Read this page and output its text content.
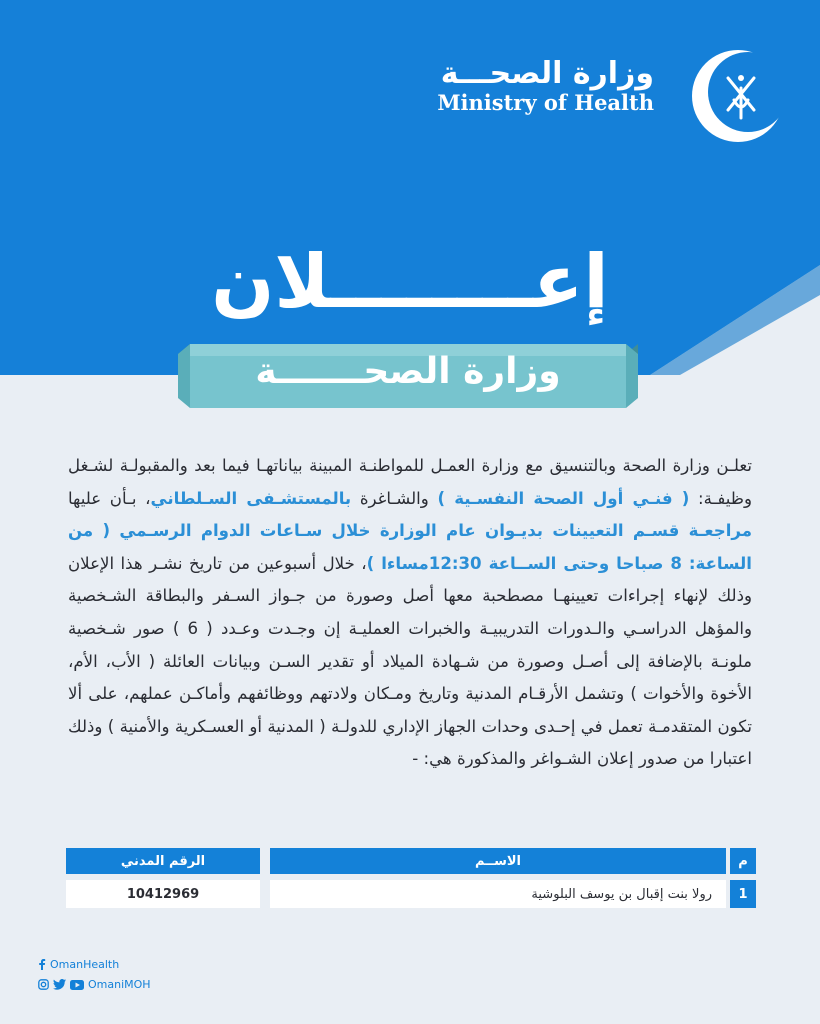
وزارة الصحـــة
Ministry of Health
إعــــــــلان
وزارة الصحـــــــة
تعلـن وزارة الصحة وبالتنسيق مع وزارة العمـل للمواطنـة المبينة بياناتهـا فيما بعد والمقبولـة لشـغل وظيفـة: ( فنـي أول الصحة النفسـية ) والشـاغرة بالمستشـفى السـلطاني، بـأن عليها مراجعـة قسـم التعيينات بديـوان عام الوزارة خلال سـاعات الدوام الرسـمي ( من الساعة: 8 صباحا وحتى الســاعة 12:30مساءا )، خلال أسبوعين من تاريخ نشـر هذا الإعلان وذلك لإنهاء إجراءات تعيينهـا مصطحبة معها أصل وصورة من جـواز السـفر والبطاقة الشـخصية والمؤهل الدراسـي والـدورات التدريبيـة والخبرات العمليـة إن وجـدت وعـدد ( 6 ) صور شـخصية ملونـة بالإضافة إلى أصـل وصورة من شـهادة الميلاد أو تقدير السـن وبيانات العائلة ( الأب، الأم، الأخوة والأخوات ) وتشمل الأرقـام المدنية وتاريخ ومـكان ولادتهم ووظائفهم وأماكـن عملهم، على ألا تكون المتقدمـة تعمل في إحـدى وحدات الجهاز الإداري للدولـة ( المدنية أو العسـكرية والأمنية ) وذلك اعتبارا من صدور إعلان الشـواغر والمذكورة هي: -
م
الاســم
الرقم المدني
1
رولا بنت إقبال بن يوسف البلوشية
10412969
OmanHealth
OmaniMOH
